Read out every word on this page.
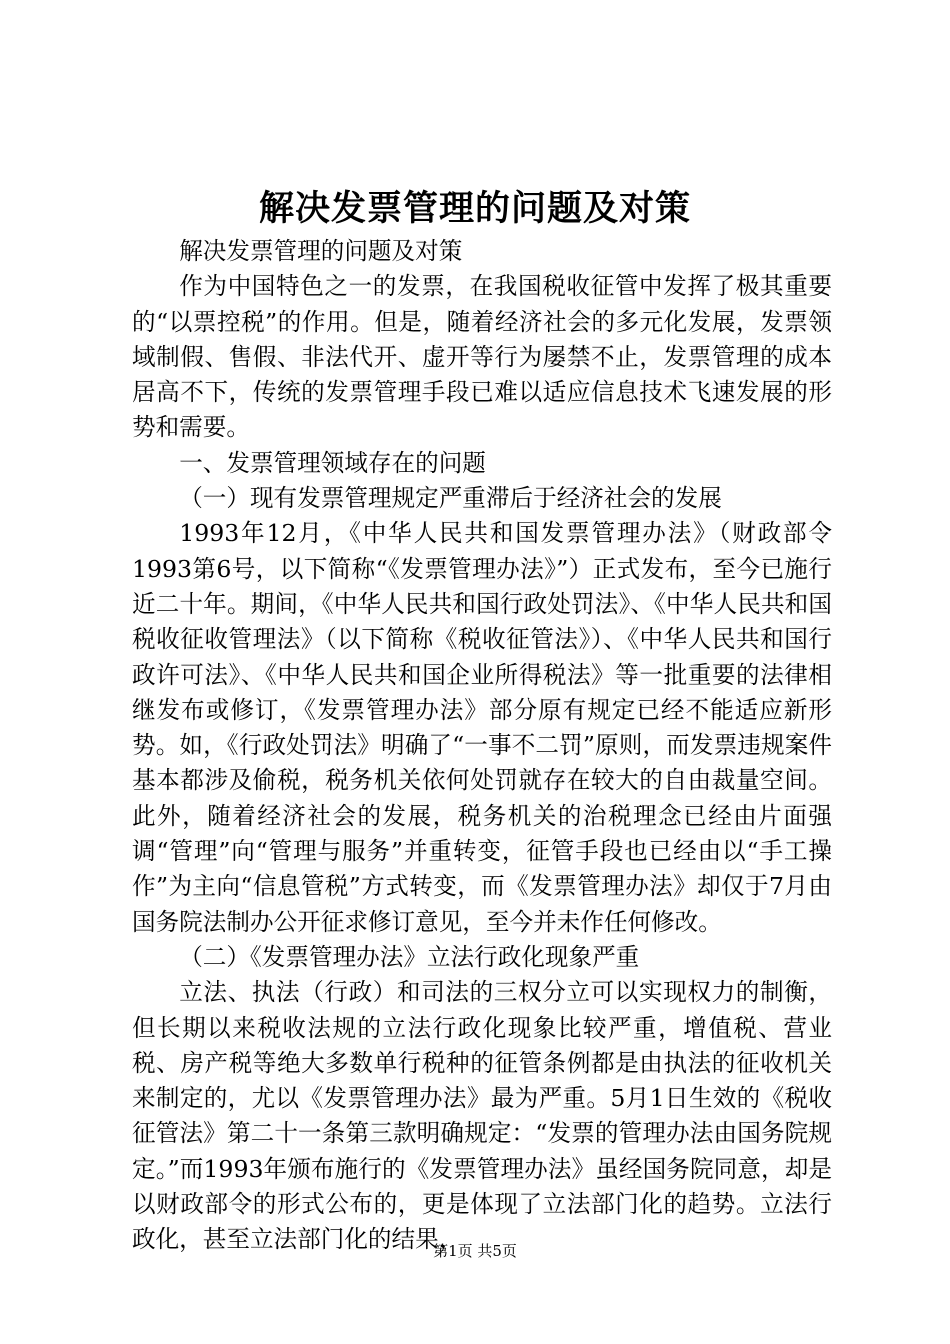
解决发票管理的问题及对策

解决发票管理的问题及对策

作为中国特色之一的发票，在我国税收征管中发挥了极其重要的“以票控税”的作用。但是，随着经济社会的多元化发展，发票领域制假、售假、非法代开、虚开等行为屡禁不止，发票管理的成本居高不下，传统的发票管理手段已难以适应信息技术飞速发展的形势和需要。

一、发票管理领域存在的问题

（一）现有发票管理规定严重滞后于经济社会的发展

1993年12月，《中华人民共和国发票管理办法》（财政部令1993第6号，以下简称“《发票管理办法》”）正式发布，至今已施行近二十年。期间，《中华人民共和国行政处罚法》、《中华人民共和国税收征收管理法》（以下简称《税收征管法》）、《中华人民共和国行政许可法》、《中华人民共和国企业所得税法》等一批重要的法律相继发布或修订，《发票管理办法》部分原有规定已经不能适应新形势。如，《行政处罚法》明确了“一事不二罚”原则，而发票违规案件基本都涉及偷税，税务机关依何处罚就存在较大的自由裁量空间。此外，随着经济社会的发展，税务机关的治税理念已经由片面强调“管理”向“管理与服务”并重转变，征管手段也已经由以“手工操作”为主向“信息管税”方式转变，而《发票管理办法》却仅于7月由国务院法制办公开征求修订意见，至今并未作任何修改。

（二）《发票管理办法》立法行政化现象严重

立法、执法（行政）和司法的三权分立可以实现权力的制衡，但长期以来税收法规的立法行政化现象比较严重，增值税、营业税、房产税等绝大多数单行税种的征管条例都是由执法的征收机关来制定的，尤以《发票管理办法》最为严重。5月1日生效的《税收征管法》第二十一条第三款明确规定：“发票的管理办法由国务院规定。”而1993年颁布施行的《发票管理办法》虽经国务院同意，却是以财政部令的形式公布的，更是体现了立法部门化的趋势。立法行政化，甚至立法部门化的结果，

第1页 共5页
